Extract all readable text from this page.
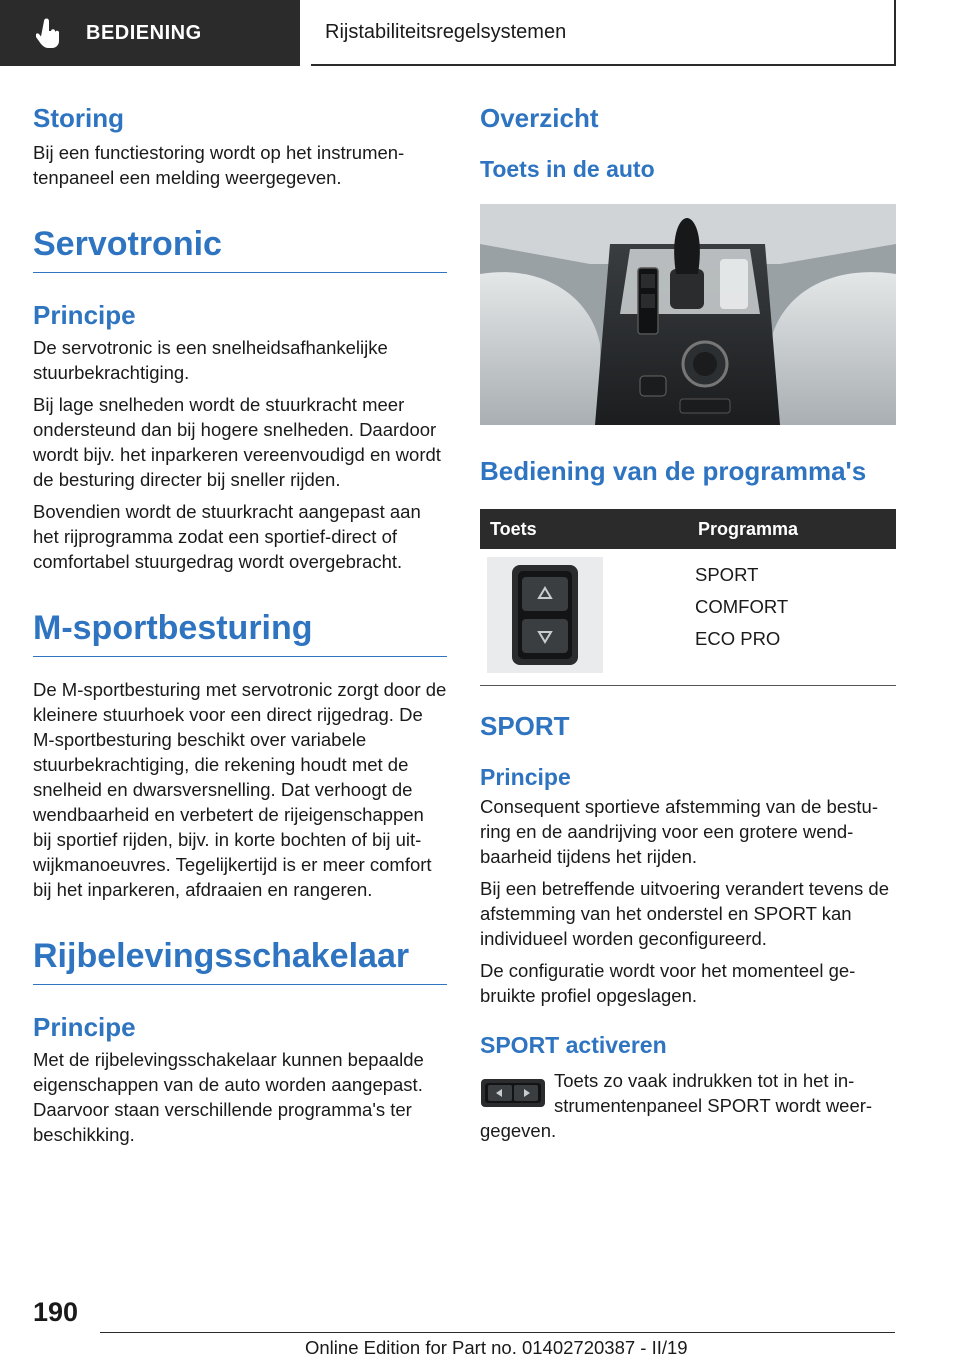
BEDIENING	Rijstabiliteitsregelsystemen
Storing

Bij een functiestoring wordt op het instrumen-tenpaneel een melding weergegeven.

Servotronic
Principe

De servotronic is een snelheidsafhankelijke stuurbekrachtiging.

Bij lage snelheden wordt de stuurkracht meer ondersteund dan bij hogere snelheden. Daardoor wordt bijv. het inparkeren vereenvoudigd en wordt de besturing directer bij sneller rijden.

Bovendien wordt de stuurkracht aangepast aan het rijprogramma zodat een sportief-direct of comfortabel stuurgedrag wordt overgebracht.

M-sportbesturing

De M-sportbesturing met servotronic zorgt door de kleinere stuurhoek voor een direct rijgedrag. De M-sportbesturing beschikt over variabele stuurbekrachtiging, die rekening houdt met de snelheid en dwarsversnelling. Dat verhoogt de wendbaarheid en verbetert de rijeigenschappen bij sportief rijden, bijv. in korte bochten of bij uit-wijkmanoeuvres. Tegelijkertijd is er meer comfort bij het inparkeren, afdraaien en rangeren.

Rijbelevingsschakelaar
Principe

Met de rijbelevingsschakelaar kunnen bepaalde eigenschappen van de auto worden aangepast. Daarvoor staan verschillende programma's ter beschikking.

Overzicht
Toets in de auto
Bediening van de programma's
Toets	Programma

SPORT
COMFORT
ECO PRO
SPORT
Principe

Consequent sportieve afstemming van de bestu-ring en de aandrijving voor een grotere wend-baarheid tijdens het rijden.

Bij een betreffende uitvoering verandert tevens de afstemming van het onderstel en SPORT kan individueel worden geconfigureerd.

De configuratie wordt voor het momenteel ge-bruikte profiel opgeslagen.

SPORT activeren

Toets zo vaak indrukken tot in het in-strumentenpaneel SPORT wordt weer-gegeven.

190
Online Edition for Part no. 01402720387 - II/19
